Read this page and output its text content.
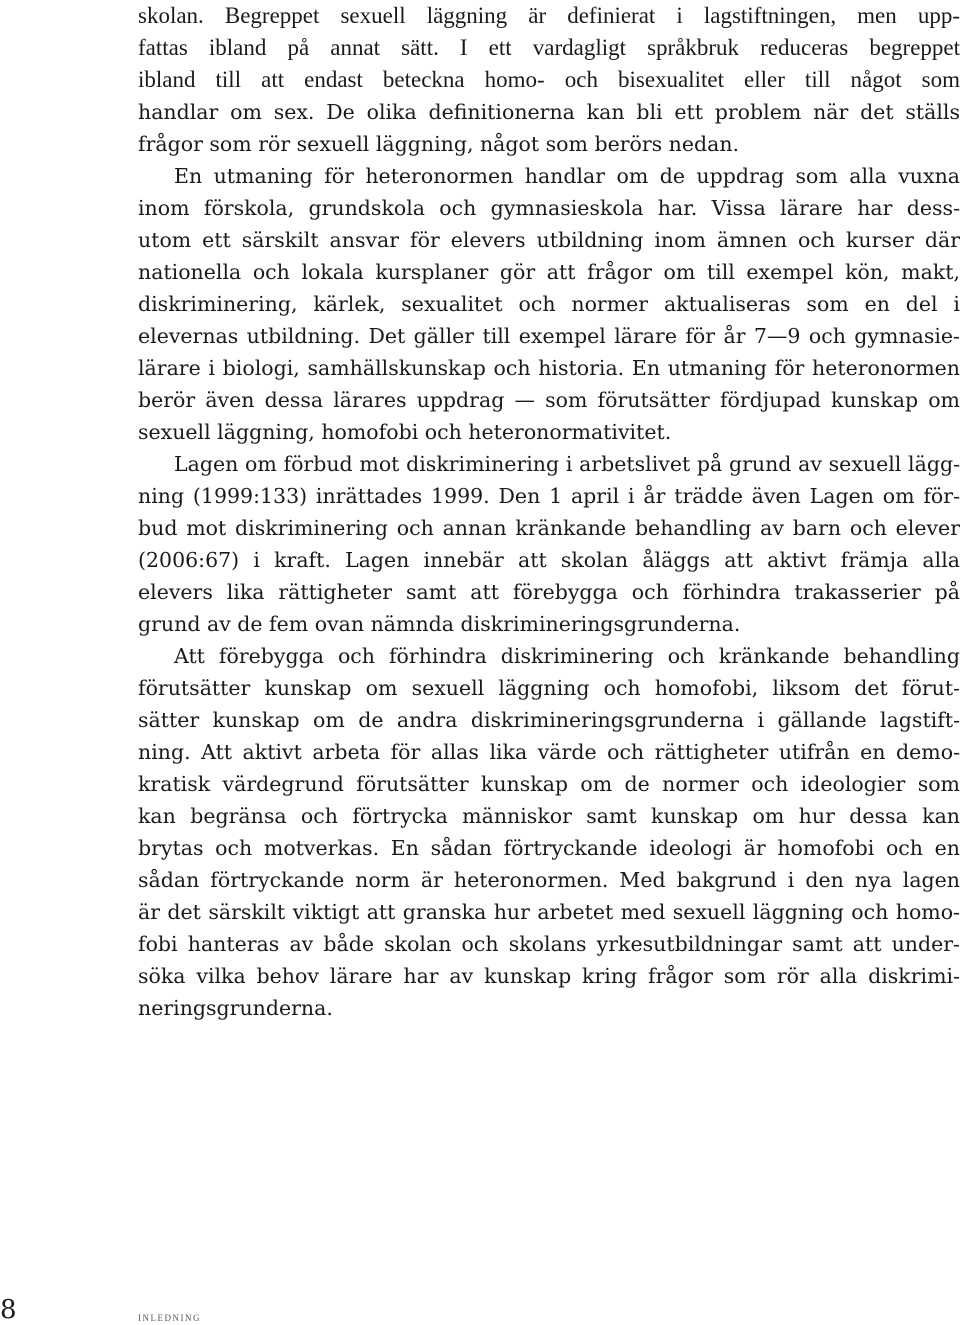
skolan. Begreppet sexuell läggning är definierat i lagstiftningen, men upp-
fattas ibland på annat sätt. I ett vardagligt språkbruk reduceras begreppet
ibland till att endast beteckna homo- och bisexualitet eller till något som
handlar om sex. De olika definitionerna kan bli ett problem när det ställs
frågor som rör sexuell läggning, något som berörs nedan.
En utmaning för heteronormen handlar om de uppdrag som alla vuxna
inom förskola, grundskola och gymnasieskola har. Vissa lärare har dess-
utom ett särskilt ansvar för elevers utbildning inom ämnen och kurser där
nationella och lokala kursplaner gör att frågor om till exempel kön, makt,
diskriminering, kärlek, sexualitet och normer aktualiseras som en del i
elevernas utbildning. Det gäller till exempel lärare för år 7—9 och gymnasie-
lärare i biologi, samhällskunskap och historia. En utmaning för heteronormen
berör även dessa lärares uppdrag — som förutsätter fördjupad kunskap om
sexuell läggning, homofobi och heteronormativitet.
Lagen om förbud mot diskriminering i arbetslivet på grund av sexuell lägg-
ning (1999:133) inrättades 1999. Den 1 april i år trädde även Lagen om för-
bud mot diskriminering och annan kränkande behandling av barn och elever
(2006:67) i kraft. Lagen innebär att skolan åläggs att aktivt främja alla
elevers lika rättigheter samt att förebygga och förhindra trakasserier på
grund av de fem ovan nämnda diskrimineringsgrunderna.
Att förebygga och förhindra diskriminering och kränkande behandling
förutsätter kunskap om sexuell läggning och homofobi, liksom det förut-
sätter kunskap om de andra diskrimineringsgrunderna i gällande lagstift-
ning. Att aktivt arbeta för allas lika värde och rättigheter utifrån en demo-
kratisk värdegrund förutsätter kunskap om de normer och ideologier som
kan begränsa och förtrycka människor samt kunskap om hur dessa kan
brytas och motverkas. En sådan förtryckande ideologi är homofobi och en
sådan förtryckande norm är heteronormen. Med bakgrund i den nya lagen
är det särskilt viktigt att granska hur arbetet med sexuell läggning och homo-
fobi hanteras av både skolan och skolans yrkesutbildningar samt att under-
söka vilka behov lärare har av kunskap kring frågor som rör alla diskrimi-
neringsgrunderna.
8	inledning
